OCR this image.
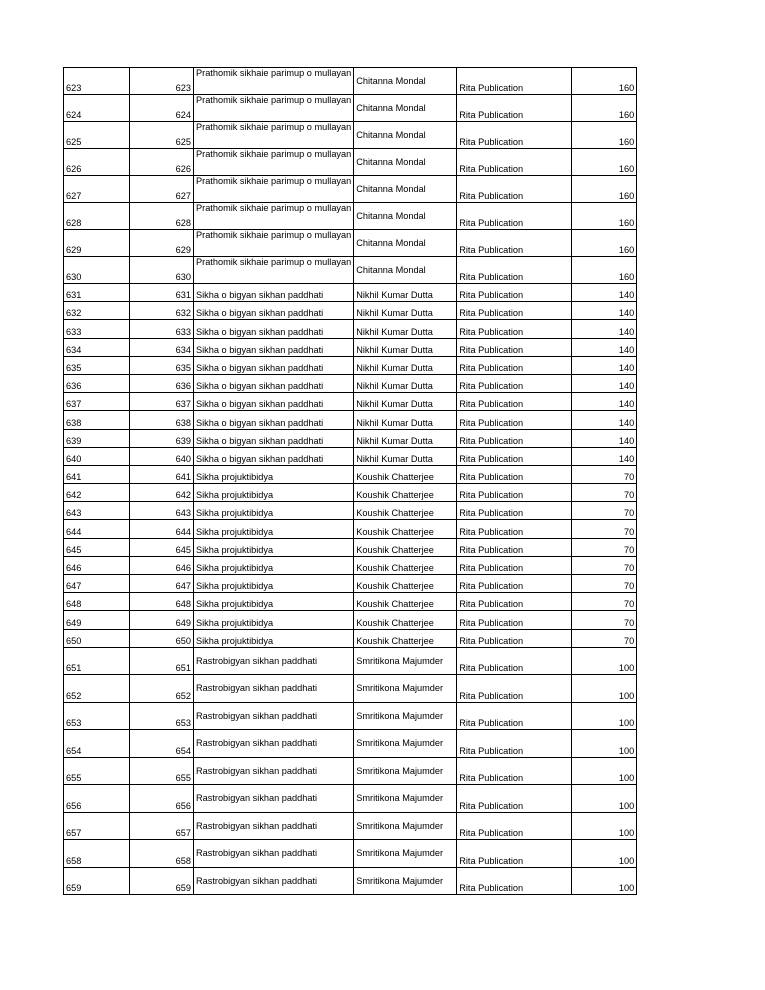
623	623	Prathomik sikhaie parimup o mullayan	Chitanna Mondal	Rita Publication	160
624	624	Prathomik sikhaie parimup o mullayan	Chitanna Mondal	Rita Publication	160
625	625	Prathomik sikhaie parimup o mullayan	Chitanna Mondal	Rita Publication	160
626	626	Prathomik sikhaie parimup o mullayan	Chitanna Mondal	Rita Publication	160
627	627	Prathomik sikhaie parimup o mullayan	Chitanna Mondal	Rita Publication	160
628	628	Prathomik sikhaie parimup o mullayan	Chitanna Mondal	Rita Publication	160
629	629	Prathomik sikhaie parimup o mullayan	Chitanna Mondal	Rita Publication	160
630	630	Prathomik sikhaie parimup o mullayan	Chitanna Mondal	Rita Publication	160
631	631	Sikha o bigyan sikhan paddhati	Nikhil Kumar Dutta	Rita Publication	140
632	632	Sikha o bigyan sikhan paddhati	Nikhil Kumar Dutta	Rita Publication	140
633	633	Sikha o bigyan sikhan paddhati	Nikhil Kumar Dutta	Rita Publication	140
634	634	Sikha o bigyan sikhan paddhati	Nikhil Kumar Dutta	Rita Publication	140
635	635	Sikha o bigyan sikhan paddhati	Nikhil Kumar Dutta	Rita Publication	140
636	636	Sikha o bigyan sikhan paddhati	Nikhil Kumar Dutta	Rita Publication	140
637	637	Sikha o bigyan sikhan paddhati	Nikhil Kumar Dutta	Rita Publication	140
638	638	Sikha o bigyan sikhan paddhati	Nikhil Kumar Dutta	Rita Publication	140
639	639	Sikha o bigyan sikhan paddhati	Nikhil Kumar Dutta	Rita Publication	140
640	640	Sikha o bigyan sikhan paddhati	Nikhil Kumar Dutta	Rita Publication	140
641	641	Sikha projuktibidya	Koushik Chatterjee	Rita Publication	70
642	642	Sikha projuktibidya	Koushik Chatterjee	Rita Publication	70
643	643	Sikha projuktibidya	Koushik Chatterjee	Rita Publication	70
644	644	Sikha projuktibidya	Koushik Chatterjee	Rita Publication	70
645	645	Sikha projuktibidya	Koushik Chatterjee	Rita Publication	70
646	646	Sikha projuktibidya	Koushik Chatterjee	Rita Publication	70
647	647	Sikha projuktibidya	Koushik Chatterjee	Rita Publication	70
648	648	Sikha projuktibidya	Koushik Chatterjee	Rita Publication	70
649	649	Sikha projuktibidya	Koushik Chatterjee	Rita Publication	70
650	650	Sikha projuktibidya	Koushik Chatterjee	Rita Publication	70
651	651	Rastrobigyan sikhan paddhati	Smritikona Majumder	Rita Publication	100
652	652	Rastrobigyan sikhan paddhati	Smritikona Majumder	Rita Publication	100
653	653	Rastrobigyan sikhan paddhati	Smritikona Majumder	Rita Publication	100
654	654	Rastrobigyan sikhan paddhati	Smritikona Majumder	Rita Publication	100
655	655	Rastrobigyan sikhan paddhati	Smritikona Majumder	Rita Publication	100
656	656	Rastrobigyan sikhan paddhati	Smritikona Majumder	Rita Publication	100
657	657	Rastrobigyan sikhan paddhati	Smritikona Majumder	Rita Publication	100
658	658	Rastrobigyan sikhan paddhati	Smritikona Majumder	Rita Publication	100
659	659	Rastrobigyan sikhan paddhati	Smritikona Majumder	Rita Publication	100
